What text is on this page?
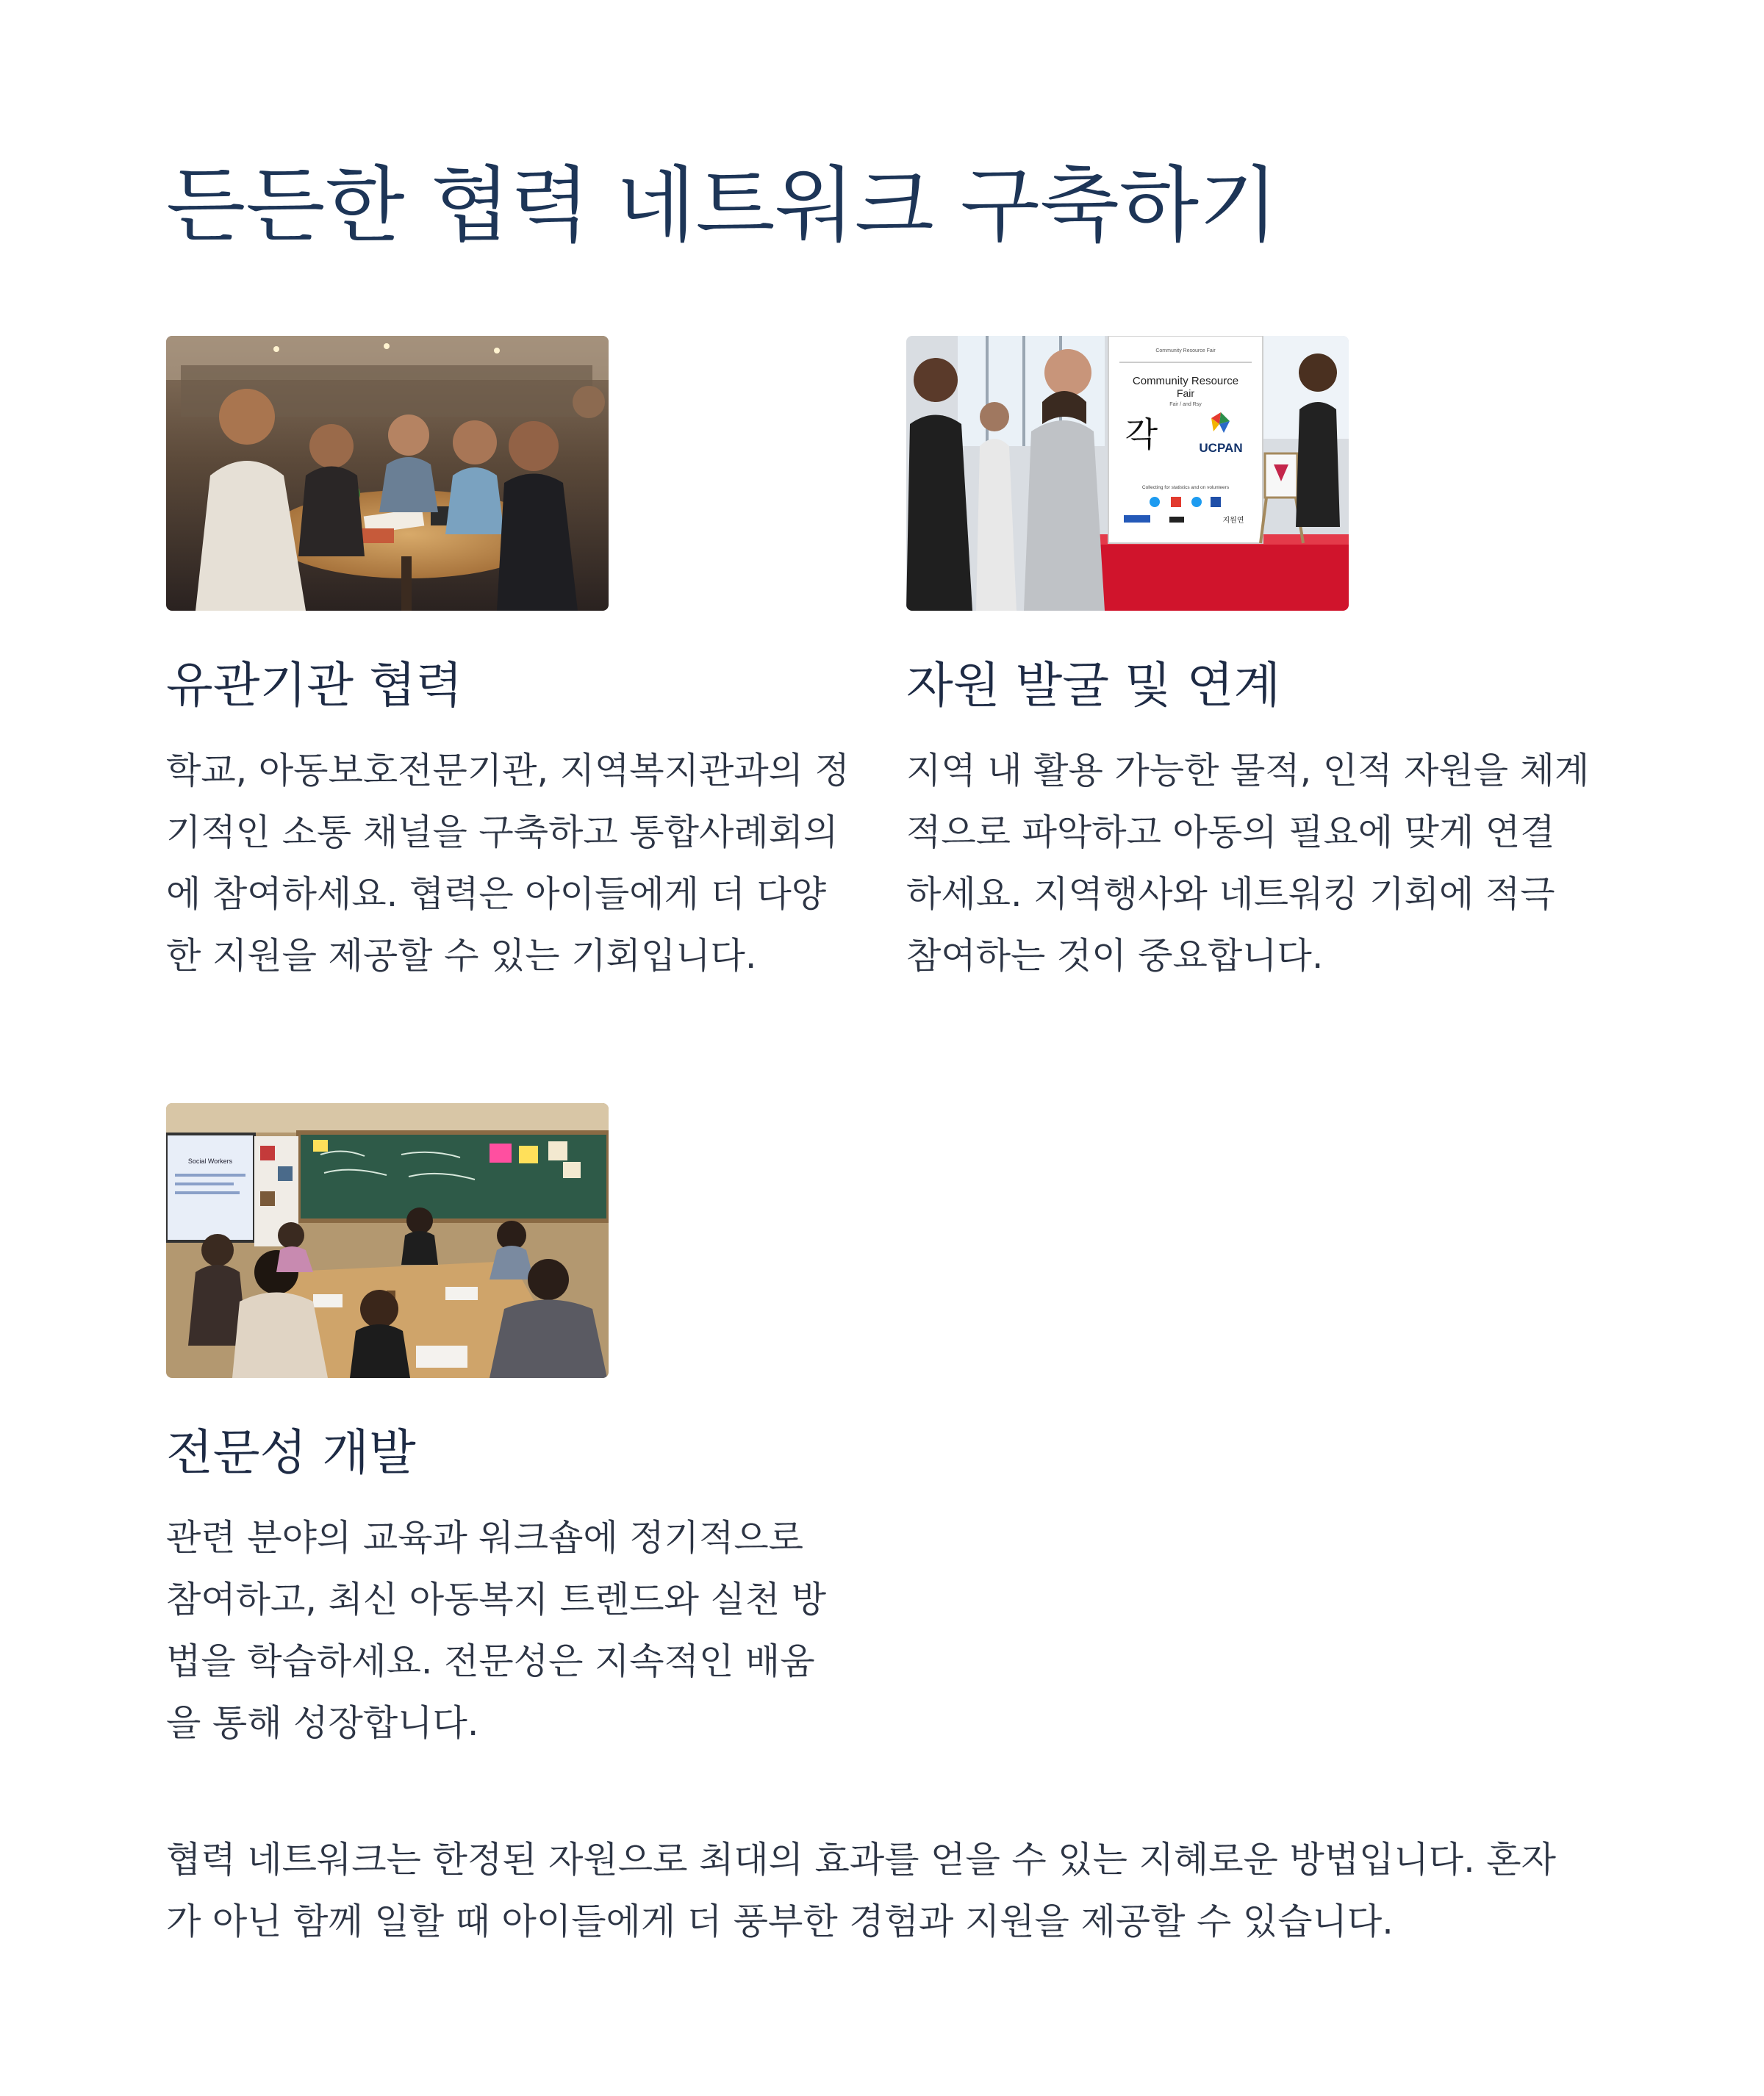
든든한 협력 네트워크 구축하기
유관기관 협력

학교, 아동보호전문기관, 지역복지관과의 정
기적인 소통 채널을 구축하고 통합사례회의
에 참여하세요. 협력은 아이들에게 더 다양
한 지원을 제공할 수 있는 기회입니다.

Community Resource Fair
Community Resource
Fair
Fair / and Rsy
각	UCPAN
Collecting for statistics and on volunteers
지원연
자원 발굴 및 연계

지역 내 활용 가능한 물적, 인적 자원을 체계
적으로 파악하고 아동의 필요에 맞게 연결
하세요. 지역행사와 네트워킹 기회에 적극
참여하는 것이 중요합니다.

Social Workers
전문성 개발

관련 분야의 교육과 워크숍에 정기적으로
참여하고, 최신 아동복지 트렌드와 실천 방
법을 학습하세요. 전문성은 지속적인 배움
을 통해 성장합니다.

협력 네트워크는 한정된 자원으로 최대의 효과를 얻을 수 있는 지혜로운 방법입니다. 혼자
가 아닌 함께 일할 때 아이들에게 더 풍부한 경험과 지원을 제공할 수 있습니다.
